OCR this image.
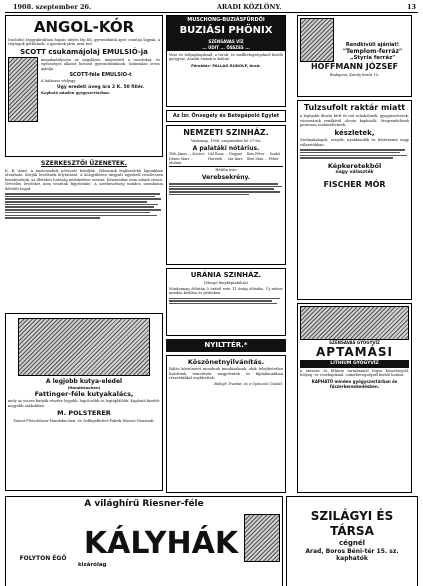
1908. szeptember 26.	ARADI KÖZLÖNY.	13
ANGOL-KÓR
(rachitis) leggyakrabban fogzás idején lép föl, gyermekünk apró csontjai lágyak, a végtagok görbülnek, a gyermek járni nem tud.
SCOTT csukamájolaj EMULSIÓ-ja
megakadályozza az angolkórt, megerősíti a csontokat, és egészséges alkatot biztosít gyermekeinknek. Számtalan orvos ajánlja.
SCOTT-féle EMULSIO-t
A halászos védjegy
Ugy eredeti üveg ára 2 K. 50 fillér.
Kapható minden gyógyszertárban.
SZERKESZTŐI ÜZENETEK.
K. B. Arad. A tanácsnokok névsorát közöljük. Válaszunk legközelebb lapunkban olvasható. Kérjük levelének folytatását. A közgyűlésen tárgyalt ügyekről részletesen beszámolunk, az illetékes hatóság intézkedése szerint. Kéziratokat nem adunk vissza. Névtelen leveleket nem veszünk figyelembe. A szerkesztőség minden szombaton délelőtt fogad.
A legjobb kutya-eledel
(Hundekuchen)
Fattinger-féle kutyakalács,
mely az összes kutyák részére legjobb, legolcsóbb és legtáplálóbb. Kapható kisebb-nagyobb zsákokban.
M. POLSTERER
Patent-Fleischfaser-Hundekuchen- és Geflügelfutter-Fabrik Wiener-Neustadt.
MUSCHONG-BUZIÁSFÜRDŐI
BUZIÁSI PHÖNIX
SZÉNSAVAS VÍZ
... UDIT ... ÖSSZES ...
Vese és hólyagbajoknál, a torok- és mellbetegségeknél kiváló gyógyvíz. Asztali víznek is kitűnő.
Főraktár: PALLAG RUDOLF, Arad.
Az Ízr. Önsegély és Betegápoló Egylet
NEMZETI SZINHÁZ.
Vasárnap, 1908. szeptember hó 27-én:
A palatáki nótárius.
Tóth János ... Kovács Gál Ilona ... Nagyné	Kiss Péter ... Szabó
Dénes Mari ... Molnár
Horváth ... Vas Imre	Bíró Sára ... Fehér
Hétfőn este
Verebsekrény.
URÁNIA SZINHÁZ.
(Mozgó fényképszínház)
Mindennap délután 5 órától este 11 óráig előadás. Új műsor minden kedden és pénteken.
NYILTTÉR.*
Köszönetnyilvánítás.
Hálás köszönetet mondunk mindazoknak, akik felejthetetlen halottunk temetésén megjelentek és fájdalmunkban részvétükkel enyhítettek.
Balogh Tivadar, és a Gyászoló Család.
Rendkívüli ajánlat!
"Templom-ferráz"
„Styria ferráz"
HOFFMANN JÓZSEF
Budapest, Károly-körút 10.
Tulzsufolt raktár miatt
a legújabb divatú férfi és női ruhakelmék, gyapjúszövetek, vászonáruk rendkívül olcsón kaphatók. Megrendelések pontosan eszközöltetnek.
készletek,
Szalmakalapok, ernyők, nyakkendők és fehérnemű nagy választékban.
Képkeretekből
nagy választék
FISCHER MÓR
SZÉNSAVAS GYÓGYVÍZ
APTAMÁSI
LITHIUM GYÓGYVÍZ
a szénsav és lithium tartalmánál fogva köszvénynél, hólyag- és vesebajoknál, cukorbetegségnél kiváló hatású.
KAPHATÓ minden gyógyszertárban és fűszerkereskedésben.
A világhírű Riesner-féle
FOLYTON ÉGŐ KÁLYHÁK
kizárólag
SZILÁGYI ÉS TÁRSA
cégnél
Arad, Boros Béni-tér 15. sz. kaphatók
